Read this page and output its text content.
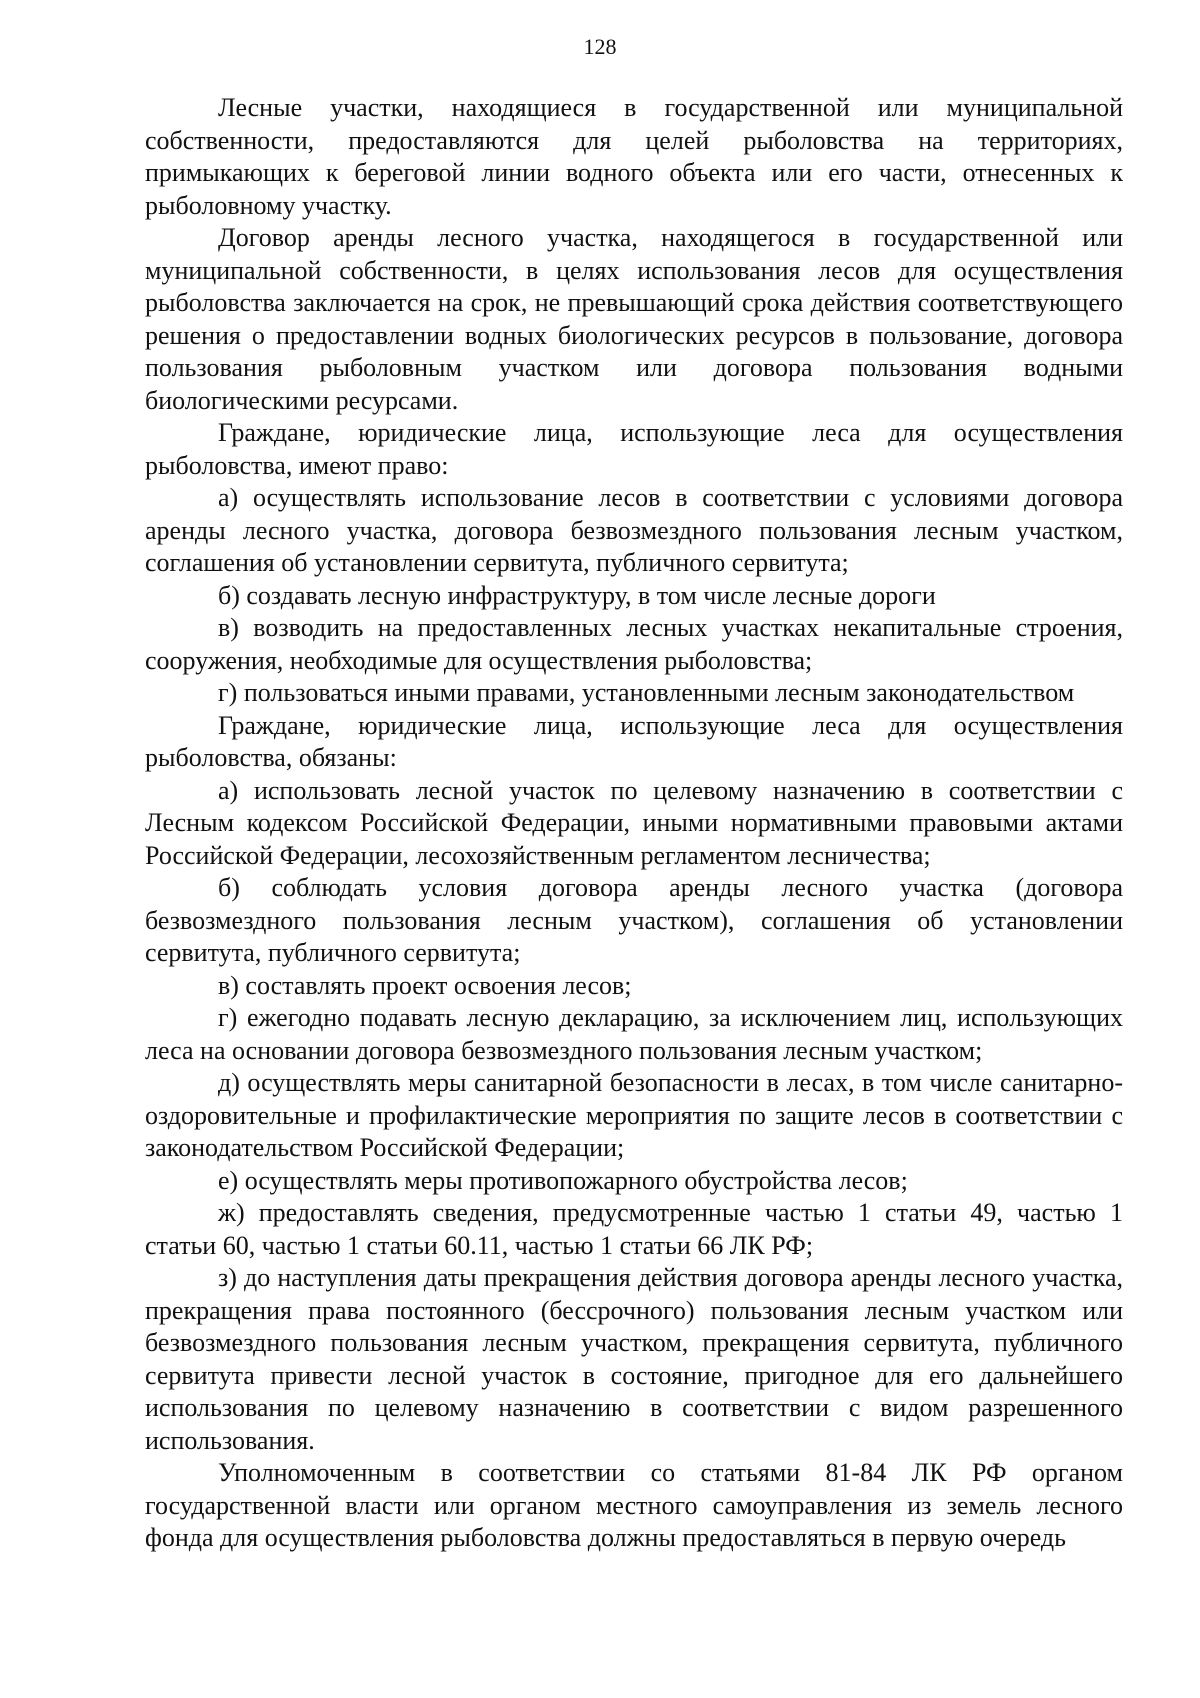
128

Лесные участки, находящиеся в государственной или муниципальной собственности, предоставляются для целей рыболовства на территориях, примыкающих к береговой линии водного объекта или его части, отнесенных к рыболовному участку.

Договор аренды лесного участка, находящегося в государственной или муниципальной собственности, в целях использования лесов для осуществления рыболовства заключается на срок, не превышающий срока действия соответствующего решения о предоставлении водных биологических ресурсов в пользование, договора пользования рыболовным участком или договора пользования водными биологическими ресурсами.

Граждане, юридические лица, использующие леса для осуществления рыболовства, имеют право:

а) осуществлять использование лесов в соответствии с условиями договора аренды лесного участка, договора безвозмездного пользования лесным участком, соглашения об установлении сервитута, публичного сервитута;

б) создавать лесную инфраструктуру, в том числе лесные дороги

в) возводить на предоставленных лесных участках некапитальные строения, сооружения, необходимые для осуществления рыболовства;

г) пользоваться иными правами, установленными лесным законодательством

Граждане, юридические лица, использующие леса для осуществления рыболовства, обязаны:

а) использовать лесной участок по целевому назначению в соответствии с Лесным кодексом Российской Федерации, иными нормативными правовыми актами Российской Федерации, лесохозяйственным регламентом лесничества;

б) соблюдать условия договора аренды лесного участка (договора безвозмездного пользования лесным участком), соглашения об установлении сервитута, публичного сервитута;

в) составлять проект освоения лесов;

г) ежегодно подавать лесную декларацию, за исключением лиц, использующих леса на основании договора безвозмездного пользования лесным участком;

д) осуществлять меры санитарной безопасности в лесах, в том числе санитарно-оздоровительные и профилактические мероприятия по защите лесов в соответствии с законодательством Российской Федерации;

е) осуществлять меры противопожарного обустройства лесов;

ж) предоставлять сведения, предусмотренные частью 1 статьи 49, частью 1 статьи 60, частью 1 статьи 60.11, частью 1 статьи 66 ЛК РФ;

з) до наступления даты прекращения действия договора аренды лесного участка, прекращения права постоянного (бессрочного) пользования лесным участком или безвозмездного пользования лесным участком, прекращения сервитута, публичного сервитута привести лесной участок в состояние, пригодное для его дальнейшего использования по целевому назначению в соответствии с видом разрешенного использования.

Уполномоченным в соответствии со статьями 81-84 ЛК РФ органом государственной власти или органом местного самоуправления из земель лесного фонда для осуществления рыболовства должны предоставляться в первую очередь
